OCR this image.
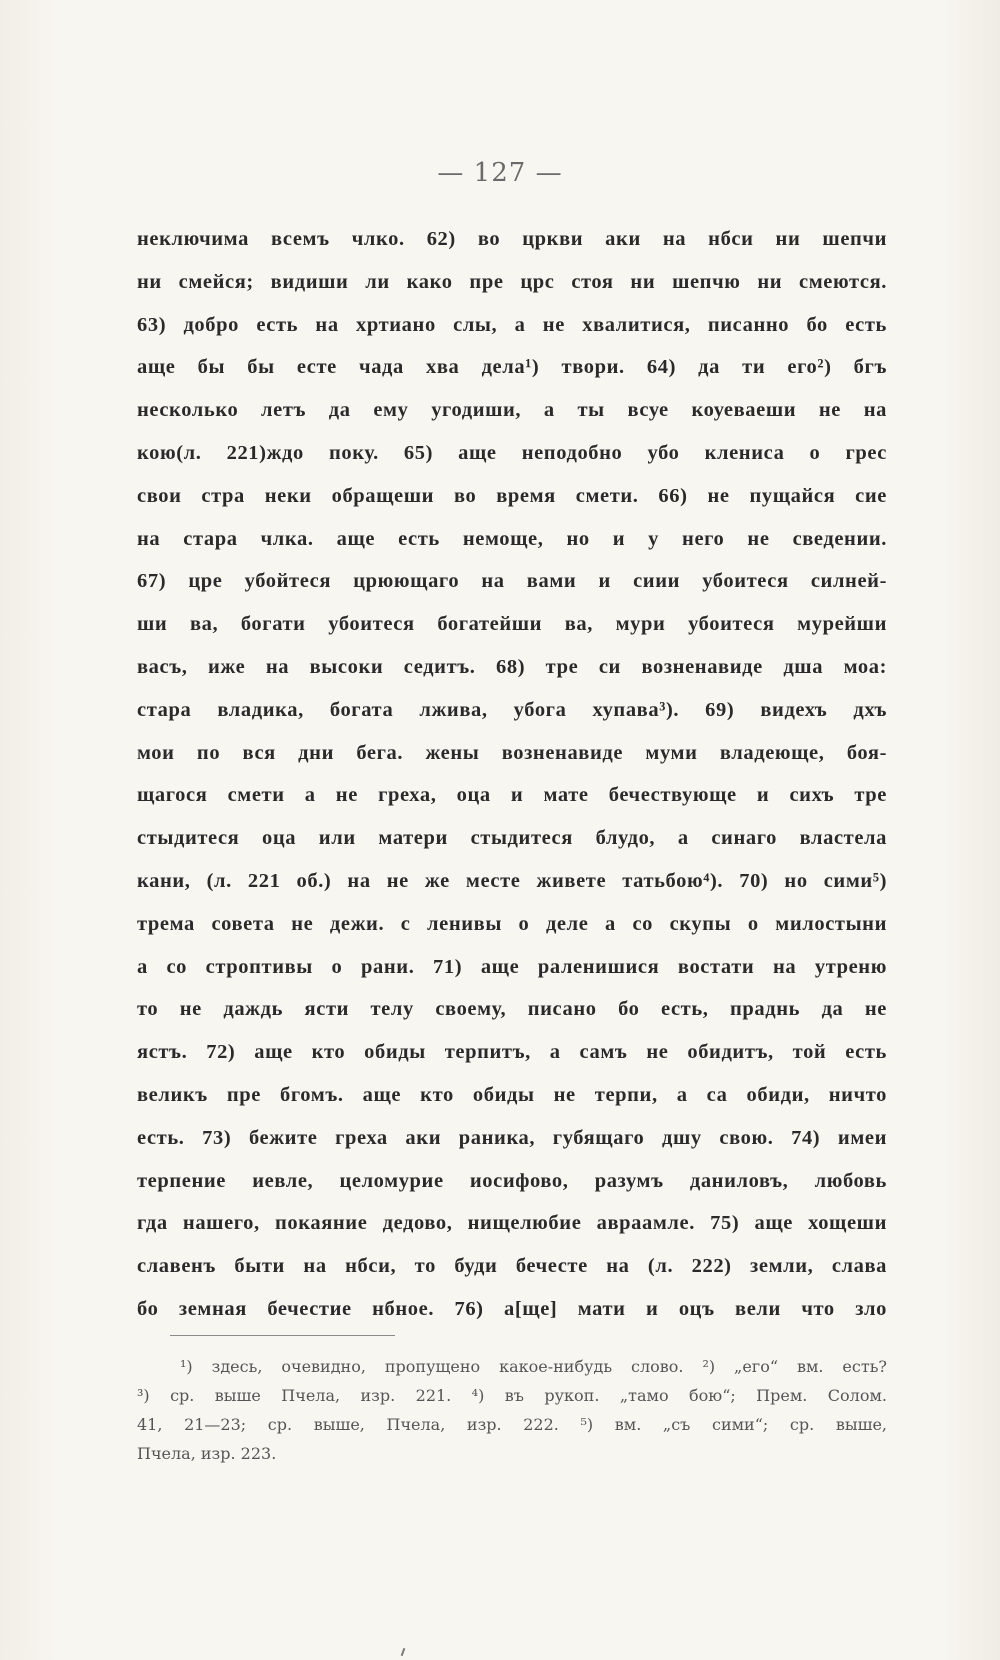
— 127 —
неключима всемъ члко. 62) во цркви аки на нбси ни шепчи
ни смейся; видиши ли како пре црс стоя ни шепчю ни смеются.
63) добро есть на хртиано слы, а не хвалитися, писанно бо есть
аще бы бы есте чада хва дела¹) твори. 64) да ти его²) бгъ
несколько летъ да ему угодиши, а ты всуе коуеваеши не на
кою(л. 221)ждо поку. 65) аще неподобно убо клениса о грес
свои стра неки обращеши во время смети. 66) не пущайся сие
на стара члка. аще есть немоще, но и у него не сведении.
67) цре убойтеся црюющаго на вами и сиии убоитеся силней-
ши ва, богати убоитеся богатейши ва, мури убоитеся мурейши
васъ, иже на высоки седитъ. 68) тре си возненавиде дша моа:
стара владика, богата лжива, убога хупава³). 69) видехъ дхъ
мои по вся дни бега. жены возненавиде муми владеюще, боя-
щагося смети а не греха, оца и мате бечествующе и сихъ тре
стыдитеся оца или матери стыдитеся блудо, а синаго властела
кани, (л. 221 об.) на не же месте живете татьбою⁴). 70) но сими⁵)
трема совета не дежи. с ленивы о деле а со скупы о милостыни
а со строптивы о рани. 71) аще раленишися востати на утреню
то не даждь ясти телу своему, писано бо есть, праднь да не
ястъ. 72) аще кто обиды терпитъ, а самъ не обидитъ, той есть
великъ пре бгомъ. аще кто обиды не терпи, а са обиди, ничто
есть. 73) бежите греха аки раника, губящаго дшу свою. 74) имеи
терпение иевле, целомурие иосифово, разумъ даниловъ, любовь
гда нашего, покаяние дедово, нищелюбие авраамле. 75) аще хощеши
славенъ быти на нбси, то буди бечесте на (л. 222) земли, слава
бо земная бечестие нбное. 76) а[ще] мати и оцъ вели что зло
¹) здесь, очевидно, пропущено какое-нибудь слово. ²) „его“ вм. есть?
³) ср. выше Пчела, изр. 221. ⁴) въ рукоп. „тамо бою“; Прем. Солом.
41, 21—23; ср. выше, Пчела, изр. 222. ⁵) вм. „съ сими“; ср. выше,
Пчела, изр. 223.
